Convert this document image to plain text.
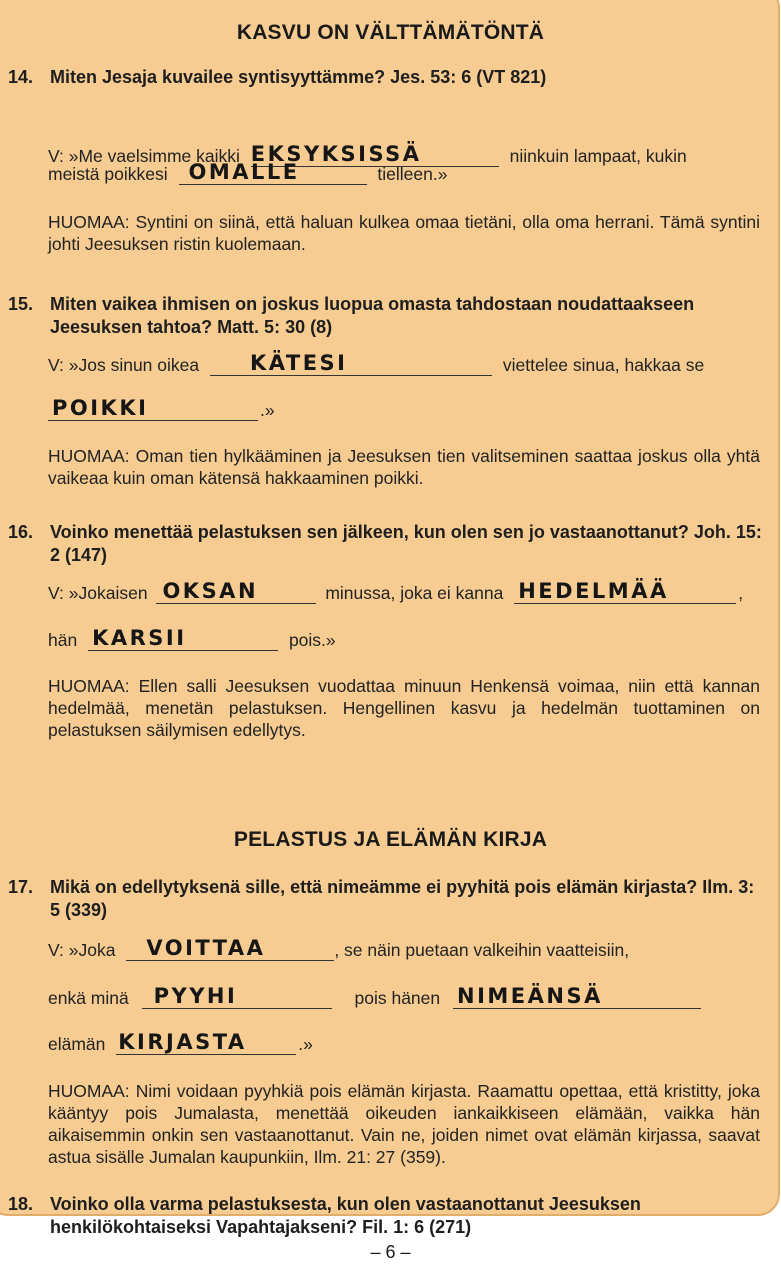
KASVU ON VÄLTTÄMÄTÖNTÄ
14. Miten Jesaja kuvailee syntisyyttämme? Jes. 53: 6 (VT 821)
V: »Me vaelsimme kaikki EKSYKSISSÄ	niinkuin lampaat, kukin
meistä poikkesi OMALLE	tielleen.»
HUOMAA: Syntini on siinä, että haluan kulkea omaa tietäni, olla oma herrani. Tämä syntini johti Jeesuksen ristin kuolemaan.
15. Miten vaikea ihmisen on joskus luopua omasta tahdostaan noudattaakseen Jeesuksen tahtoa? Matt. 5: 30 (8)
V: »Jos sinun oikea KÄTESI	viettelee sinua, hakkaa se
POIKKI	.»
HUOMAA: Oman tien hylkääminen ja Jeesuksen tien valitseminen saattaa joskus olla yhtä vaikeaa kuin oman kätensä hakkaaminen poikki.
16. Voinko menettää pelastuksen sen jälkeen, kun olen sen jo vastaanottanut? Joh. 15: 2 (147)
V: »Jokaisen OKSAN	minussa, joka ei kanna HEDELMÄÄ	,
hän KARSII	pois.»
HUOMAA: Ellen salli Jeesuksen vuodattaa minuun Henkensä voimaa, niin että kannan hedelmää, menetän pelastuksen. Hengellinen kasvu ja hedelmän tuottaminen on pelastuksen säilymisen edellytys.
PELASTUS JA ELÄMÄN KIRJA
17. Mikä on edellytyksenä sille, että nimeämme ei pyyhitä pois elämän kirjasta? Ilm. 3: 5 (339)
V: »Joka VOITTAA	, se näin puetaan valkeihin vaatteisiin,
enkä minä PYYHI	pois hänen NIMEÄNSÄ
elämän KIRJASTA	.»
HUOMAA: Nimi voidaan pyyhkiä pois elämän kirjasta. Raamattu opettaa, että kristitty, joka kääntyy pois Jumalasta, menettää oikeuden iankaikkiseen elämään, vaikka hän aikaisemmin onkin sen vastaanottanut. Vain ne, joiden nimet ovat elämän kirjassa, saavat astua sisälle Jumalan kaupunkiin, Ilm. 21: 27 (359).
18. Voinko olla varma pelastuksesta, kun olen vastaanottanut Jeesuksen henkilökohtaiseksi Vapahtajakseni? Fil. 1: 6 (271)
– 6 –
